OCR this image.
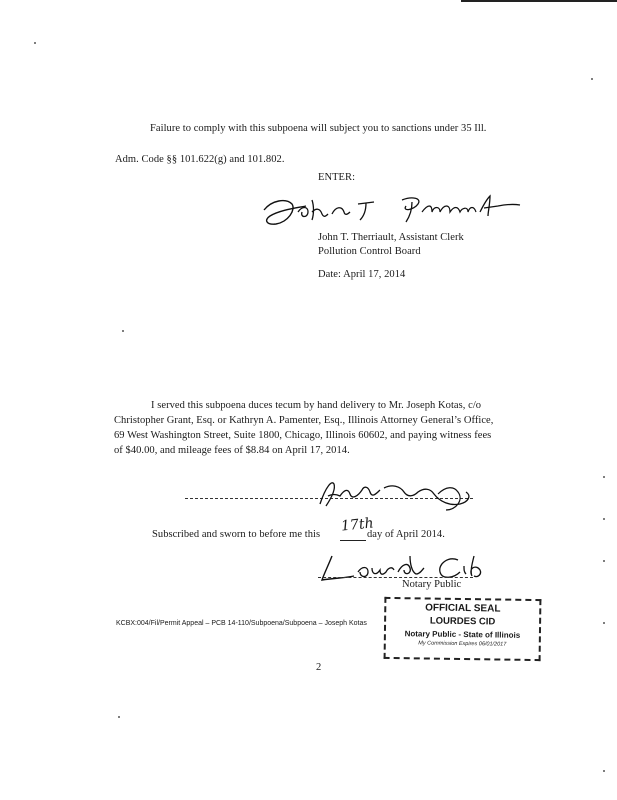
Failure to comply with this subpoena will subject you to sanctions under 35 Ill.
Adm. Code §§ 101.622(g) and 101.802.
ENTER:
John T. Therriault, Assistant Clerk
Pollution Control Board
Date: April 17, 2014
I served this subpoena duces tecum by hand delivery to Mr. Joseph Kotas, c/o
Christopher Grant, Esq. or Kathryn A. Pamenter, Esq., Illinois Attorney General’s Office,
69 West Washington Street, Suite 1800, Chicago, Illinois 60602, and paying witness fees
of $40.00, and mileage fees of $8.84 on April 17, 2014.
Subscribed and sworn to before me this 17th
day of April 2014.
Notary Public
KCBX:004/Fil/Permit Appeal – PCB 14-110/Subpoena/Subpoena – Joseph Kotas
OFFICIAL SEAL
LOURDES CID
Notary Public - State of Illinois
My Commission Expires 06/01/2017
2
